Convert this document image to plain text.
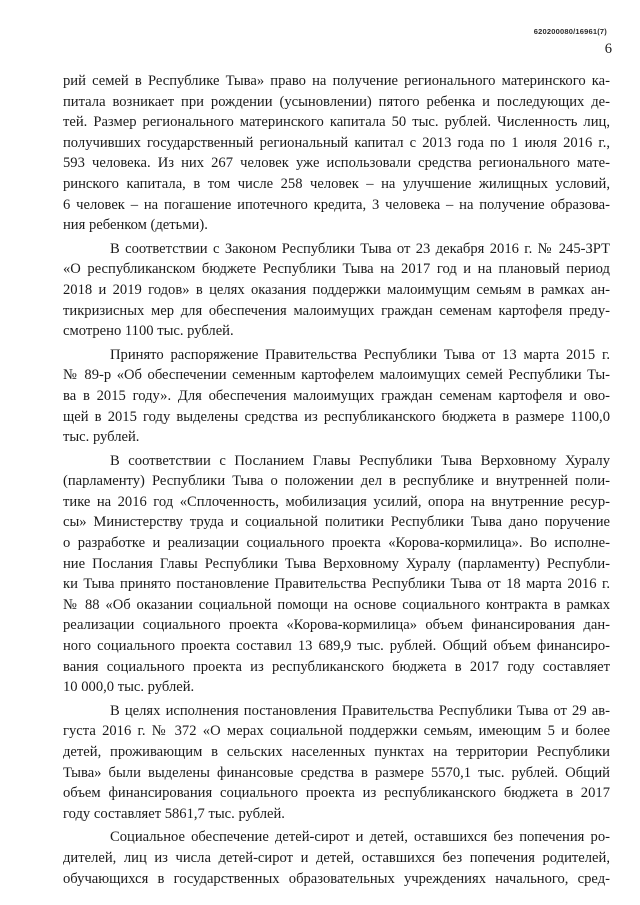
620200080/16961(7)
6
рий семей в Республике Тыва» право на получение регионального материнского ка-
питала возникает при рождении (усыновлении) пятого ребенка и последующих де-
тей. Размер регионального материнского капитала 50 тыс. рублей. Численность лиц,
получивших государственный региональный капитал с 2013 года по 1 июля 2016 г.,
593 человека. Из них 267 человек уже использовали средства регионального мате-
ринского капитала, в том числе 258 человек – на улучшение жилищных условий,
6 человек – на погашение ипотечного кредита, 3 человека – на получение образова-
ния ребенком (детьми).
В соответствии с Законом Республики Тыва от 23 декабря 2016 г. № 245-ЗРТ
«О республиканском бюджете Республики Тыва на 2017 год и на плановый период
2018 и 2019 годов» в целях оказания поддержки малоимущим семьям в рамках ан-
тикризисных мер для обеспечения малоимущих граждан семенам картофеля преду-
смотрено 1100 тыс. рублей.
Принято распоряжение Правительства Республики Тыва от 13 марта 2015 г.
№ 89-р «Об обеспечении семенным картофелем малоимущих семей Республики Ты-
ва в 2015 году». Для обеспечения малоимущих граждан семенам картофеля и ово-
щей в 2015 году выделены средства из республиканского бюджета в размере 1100,0
тыс. рублей.
В соответствии с Посланием Главы Республики Тыва Верховному Хуралу
(парламенту) Республики Тыва о положении дел в республике и внутренней поли-
тике на 2016 год «Сплоченность, мобилизация усилий, опора на внутренние ресур-
сы» Министерству труда и социальной политики Республики Тыва дано поручение
о разработке и реализации социального проекта «Корова-кормилица». Во исполне-
ние Послания Главы Республики Тыва Верховному Хуралу (парламенту) Республи-
ки Тыва принято постановление Правительства Республики Тыва от 18 марта 2016 г.
№ 88 «Об оказании социальной помощи на основе социального контракта в рамках
реализации социального проекта «Корова-кормилица» объем финансирования дан-
ного социального проекта составил 13 689,9 тыс. рублей. Общий объем финансиро-
вания социального проекта из республиканского бюджета в 2017 году составляет
10 000,0 тыс. рублей.
В целях исполнения постановления Правительства Республики Тыва от 29 ав-
густа 2016 г. № 372 «О мерах социальной поддержки семьям, имеющим 5 и более
детей, проживающим в сельских населенных пунктах на территории Республики
Тыва» были выделены финансовые средства в размере 5570,1 тыс. рублей. Общий
объем финансирования социального проекта из республиканского бюджета в 2017
году составляет 5861,7 тыс. рублей.
Социальное обеспечение детей-сирот и детей, оставшихся без попечения ро-
дителей, лиц из числа детей-сирот и детей, оставшихся без попечения родителей,
обучающихся в государственных образовательных учреждениях начального, сред-
